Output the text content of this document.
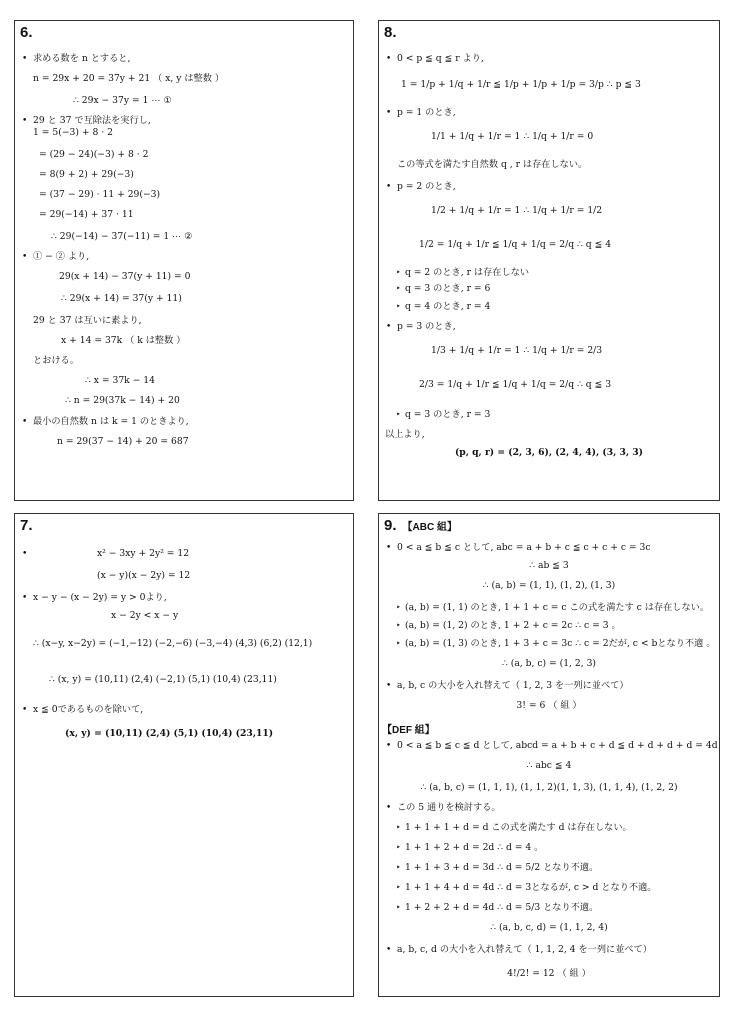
6.
• 求める数を n とすると,
n = 29x + 20 = 37y + 21 （ x, y は整数 ）
∴ 29x − 37y = 1 ⋯ ①
• 29 と 37 で互除法を実行し,
1 = 5(−3) + 8 · 2
= (29 − 24)(−3) + 8 · 2
= 8(9 + 2) + 29(−3)
= (37 − 29) · 11 + 29(−3)
= 29(−14) + 37 · 11
∴ 29(−14) − 37(−11) = 1 ⋯ ②
• ① − ② より,
29(x + 14) − 37(y + 11) = 0
∴ 29(x + 14) = 37(y + 11)
29 と 37 は互いに素より,
x + 14 = 37k （ k は整数 ）
とおける。
∴ x = 37k − 14
∴ n = 29(37k − 14) + 20
• 最小の自然数 n は k = 1 のときより,
n = 29(37 − 14) + 20 = 687
8.
• 0 < p ≦ q ≦ r より,
1 = 1/p + 1/q + 1/r ≦ 1/p + 1/p + 1/p = 3/p ∴ p ≦ 3
• p = 1 のとき,
1/1 + 1/q + 1/r = 1 ∴ 1/q + 1/r = 0
この等式を満たす自然数 q , r は存在しない。
• p = 2 のとき,
1/2 + 1/q + 1/r = 1 ∴ 1/q + 1/r = 1/2
1/2 = 1/q + 1/r ≦ 1/q + 1/q = 2/q ∴ q ≦ 4
‣ q = 2 のとき, r は存在しない
‣ q = 3 のとき, r = 6
‣ q = 4 のとき, r = 4
• p = 3 のとき,
1/3 + 1/q + 1/r = 1 ∴ 1/q + 1/r = 2/3
2/3 = 1/q + 1/r ≦ 1/q + 1/q = 2/q ∴ q ≦ 3
‣ q = 3 のとき, r = 3
以上より,
(p, q, r) = (2, 3, 6), (2, 4, 4), (3, 3, 3)
7.
•	x² − 3xy + 2y² = 12
(x − y)(x − 2y) = 12
• x − y − (x − 2y) = y > 0より,
x − 2y < x − y
∴ (x−y, x−2y) = (−1,−12) (−2,−6) (−3,−4) (4,3) (6,2) (12,1)
∴ (x, y) = (10,11) (2,4) (−2,1) (5,1) (10,4) (23,11)
• x ≦ 0であるものを除いて,
(x, y) = (10,11) (2,4) (5,1) (10,4) (23,11)
9. 【ABC 組】
• 0 < a ≦ b ≦ c として, abc = a + b + c ≦ c + c + c = 3c
∴ ab ≦ 3
∴ (a, b) = (1, 1), (1, 2), (1, 3)
‣ (a, b) = (1, 1) のとき, 1 + 1 + c = c この式を満たす c は存在しない。
‣ (a, b) = (1, 2) のとき, 1 + 2 + c = 2c ∴ c = 3 。
‣ (a, b) = (1, 3) のとき, 1 + 3 + c = 3c ∴ c = 2だが, c < bとなり不適 。
∴ (a, b, c) = (1, 2, 3)
• a, b, c の大小を入れ替えて（ 1, 2, 3 を一列に並べて）
3! = 6 （ 組 ）
【DEF 組】
• 0 < a ≦ b ≦ c ≦ d として, abcd = a + b + c + d ≦ d + d + d + d = 4d
∴ abc ≦ 4
∴ (a, b, c) = (1, 1, 1), (1, 1, 2)(1, 1, 3), (1, 1, 4), (1, 2, 2)
• この 5 通りを検討する。
‣ 1 + 1 + 1 + d = d この式を満たす d は存在しない。
‣ 1 + 1 + 2 + d = 2d ∴ d = 4 。
‣ 1 + 1 + 3 + d = 3d ∴ d = 5/2 となり不適。
‣ 1 + 1 + 4 + d = 4d ∴ d = 3となるが, c > d となり不適。
‣ 1 + 2 + 2 + d = 4d ∴ d = 5/3 となり不適。
∴ (a, b, c, d) = (1, 1, 2, 4)
• a, b, c, d の大小を入れ替えて（ 1, 1, 2, 4 を一列に並べて）
4!/2! = 12 （ 組 ）
